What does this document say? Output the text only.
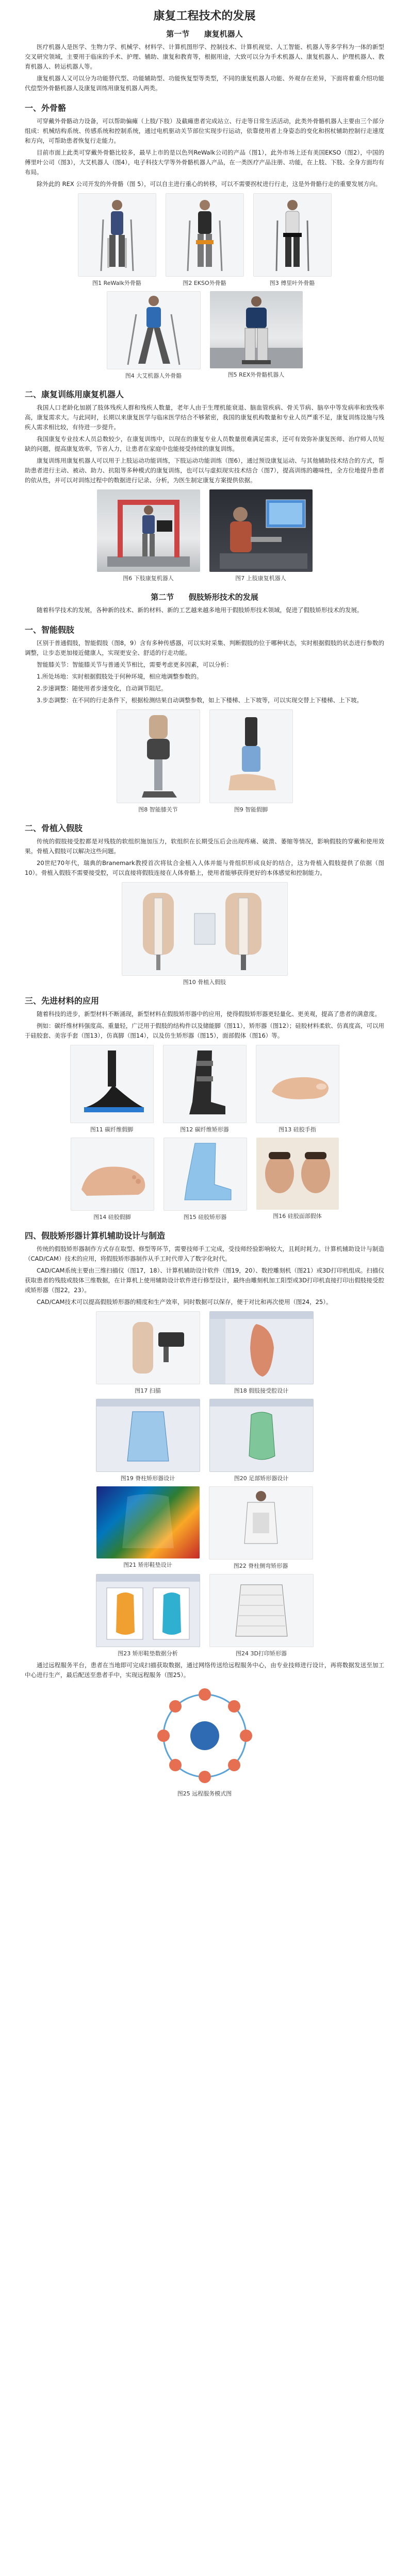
康复工程技术的发展
第一节 康复机器人

医疗机器人是医学、生物力学、机械学、材料学、计算机图形学、控制技术、计算机视觉、人工智能、机器人等多学科为一体的新型交叉研究领域，主要用于临床的手术、护理、辅助、康复和教育等，根据用途，大致可以分为手术机器人、康复机器人、护理机器人、教育机器人、转运机器人等。

康复机器人又可以分为功能替代型、功能辅助型、功能恢复型等类型，不同的康复机器人功能、外观存在差异，下面将着重介绍功能代偿型外骨骼机器人及康复训练用康复机器人两类。

一、外骨骼

可穿戴外骨骼动力设备，可以帮助偏瘫（上肢/下肢）及截瘫患者完成站立、行走等日常生活活动，此类外骨骼机器人主要由三个部分组成：机械结构系统、传感系统和控制系统，通过电机驱动关节部位实现步行运动，依靠使用者上身姿态的变化和拐杖辅助控制行走速度和方向，可帮助患者恢复行走能力。

目前市面上此类可穿戴外骨骼比较多，最早上市的是以色列ReWalk公司的产品（图1），此外市场上还有美国EKSO（图2），中国的傅里叶公司（图3），大艾机器人（图4），电子科技大学等外骨骼机器人产品，在一类医疗产品注册、功能，在上肢、下肢、全身方面均有布局。

除外此的 REX 公司开发的外骨骼（图 5），可以自主进行重心的转移，可以不需要拐杖进行行走，这是外骨骼行走的重要发展方向。

图1 ReWalk外骨骼	图2 EKSO外骨骼	图3 傅里叶外骨骼
图4 大艾机器人外骨骼	图5 REX外骨骼机器人
二、康复训练用康复机器人

我国人口老龄化加剧了肢体残疾人群和残疾人数量，老年人由于生理机能衰退、脑血管疾病、骨关节病、脑卒中等发病率和致残率高，康复需求大。与此同时，长期以来康复医学与临床医学结合不够紧密，我国的康复机构数量和专业人员严重不足，康复训练设施与残疾人需求相比较，有待进一步提升。

我国康复专业技术人员总数较少，在康复训练中，以现在的康复专业人员数量很难满足需求，还可有效弥补康复医师、治疗师人员短缺的问题，提高康复效率，节省人力，让患者在家庭中也能接受持续的康复训练。

康复训练用康复机器人可以用于上肢运动功能训练，下肢运动功能训练（图6），通过预设康复运动、与其他辅助技术结合的方式，帮助患者进行主动、被动、助力、抗阻等多种模式的康复训练，也可以与虚拟现实技术结合（图7），提高训练的趣味性，全方位地提升患者的依从性，并可以对训练过程中的数据进行记录、分析，为医生制定康复方案提供依据。

图6 下肢康复机器人	图7 上肢康复机器人
第二节 假肢矫形技术的发展

随着科学技术的发展，各种新的技术、新的材料、新的工艺越来越多地用于假肢矫形技术领域，促进了假肢矫形技术的发展。

一、智能假肢

区别于普通假肢，智能假肢（图8，9）含有多种传感器，可以实时采集、判断假肢的位于哪种状态，实时根据假肢的状态进行参数的调整，让步态更加接近健康人，实现更安全、舒适的行走功能。

智能膝关节：智能膝关节与普通关节相比，需要考虑更多因素，可以分析：

1.所处场地：实时根据假肢处于何种环境，相应地调整参数的。

2.步速调整：随使用者步速变化，自动调节阻尼。

3.步态调整：在不同的行走条件下，根据检测结果自动调整参数，如上下楼梯、上下坡等，可以实现交替上下楼梯、上下坡。

图8 智能膝关节	图9 智能假脚
二、骨植入假肢

传统的假肢接受腔都是对残肢的软组织施加压力，软组织在长期受压后会出现疼痛、破溃、萎缩等情况，影响假肢的穿戴和使用效果。骨植入假肢可以解决这些问题。

20世纪70年代，瑞典的Branemark教授首次将钛合金植入人体并能与骨组织形成良好的结合，这为骨植入假肢提供了依据（图10）。骨植入假肢不需要接受腔，可以直接将假肢连接在人体骨骼上，使用者能够获得更好的本体感觉和控制能力。

图10 骨植入假肢
三、先进材料的应用

随着科技的进步，新型材料不断涌现，新型材料在假肢矫形器中的应用，使得假肢矫形器更轻量化、更美观，提高了患者的满意度。

例如：碳纤维材料强度高、重量轻，广泛用于假肢的结构件以及储能脚（图11），矫形器（图12）；硅胶材料柔软、仿真度高，可以用于硅胶套、美容手套（图13），仿真脚（图14），以及仿生矫形器（图15），面部假体（图16）等。

图11 碳纤维假脚	图12 碳纤维矫形器	图13 硅胶手指
图14 硅胶假脚	图15 硅胶矫形器	图16 硅胶面部假体
四、假肢矫形器计算机辅助设计与制造

传统的假肢矫形器制作方式存在取型、修型等环节，需要技师手工完成，受技师经验影响较大，且耗时耗力。计算机辅助设计与制造（CAD/CAM）技术的应用，将假肢矫形器制作从手工时代带入了数字化时代。

CAD/CAM系统主要由三维扫描仪（图17，18）、计算机辅助设计软件（图19，20）、数控雕刻机（图21）或3D打印机组成。扫描仪获取患者的残肢或肢体三维数据，在计算机上使用辅助设计软件进行修型设计，最终由雕刻机加工阳型或3D打印机直接打印出假肢接受腔或矫形器（图22，23）。

CAD/CAM技术可以提高假肢矫形器的精度和生产效率，同时数据可以保存，便于对比和再次使用（图24，25）。

图17 扫描	图18 假肢接受腔设计
图19 脊柱矫形器设计	图20 足部矫形器设计
图21 矫形鞋垫设计	图22 脊柱侧弯矫形器
图23 矫形鞋垫数据分析	图24 3D打印矫形器

通过远程服务平台，患者在当地即可完成扫描获取数据，通过网络传送给远程服务中心，由专业技师进行设计，再将数据发送至加工中心进行生产，最后配送至患者手中，实现远程服务（图25）。

图25 远程服务模式图
